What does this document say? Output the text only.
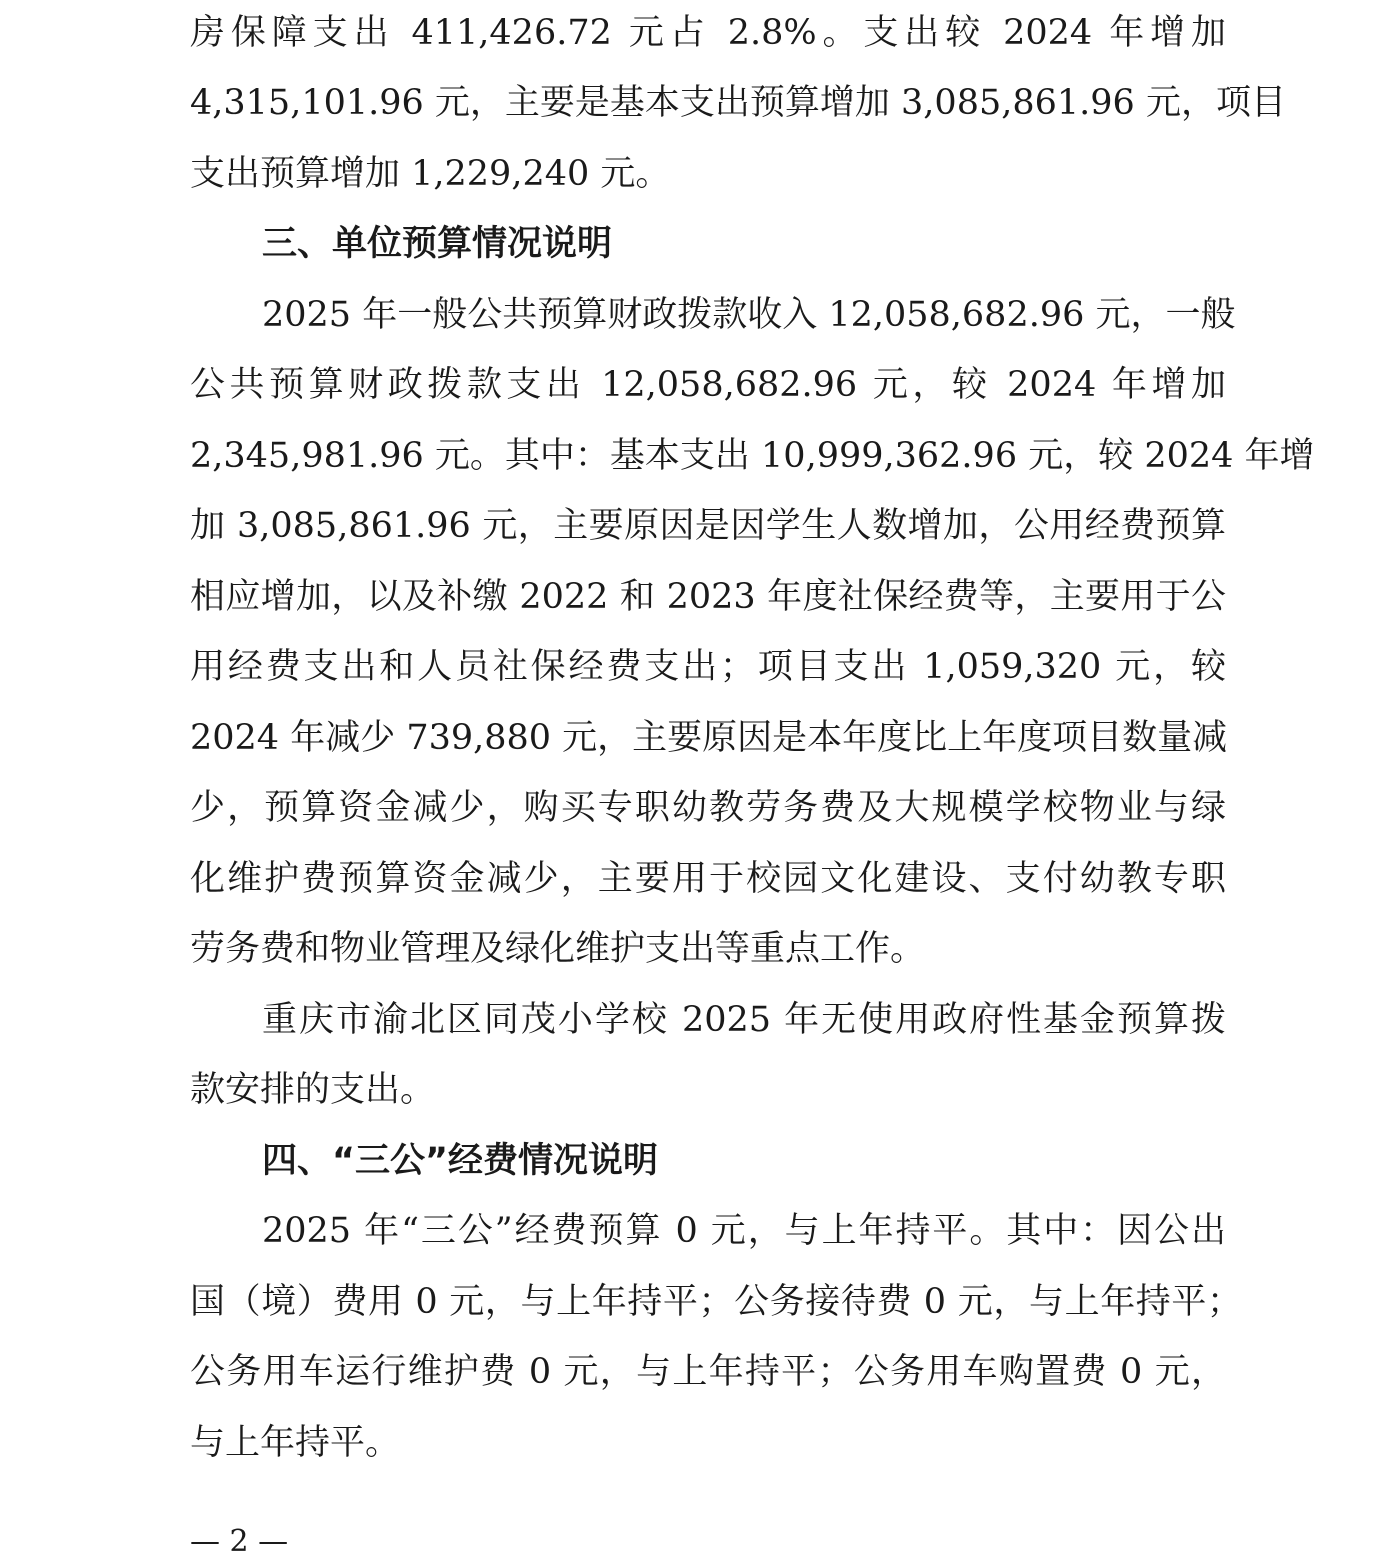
房保障支出 411,426.72 元占 2.8%。支出较 2024 年增加
4,315,101.96 元，主要是基本支出预算增加 3,085,861.96 元，项目
支出预算增加 1,229,240 元。
三、单位预算情况说明
2025 年一般公共预算财政拨款收入 12,058,682.96 元，一般
公共预算财政拨款支出 12,058,682.96 元，较 2024 年增加
2,345,981.96 元。其中：基本支出 10,999,362.96 元，较 2024 年增
加 3,085,861.96 元，主要原因是因学生人数增加，公用经费预算
相应增加，以及补缴 2022 和 2023 年度社保经费等，主要用于公
用经费支出和人员社保经费支出；项目支出 1,059,320 元，较
2024 年减少 739,880 元，主要原因是本年度比上年度项目数量减
少，预算资金减少，购买专职幼教劳务费及大规模学校物业与绿
化维护费预算资金减少，主要用于校园文化建设、支付幼教专职
劳务费和物业管理及绿化维护支出等重点工作。
重庆市渝北区同茂小学校 2025 年无使用政府性基金预算拨
款安排的支出。
四、“三公”经费情况说明
2025 年“三公”经费预算 0 元，与上年持平。其中：因公出
国（境）费用 0 元，与上年持平；公务接待费 0 元，与上年持平；
公务用车运行维护费 0 元，与上年持平；公务用车购置费 0 元，
与上年持平。
— 2 —
